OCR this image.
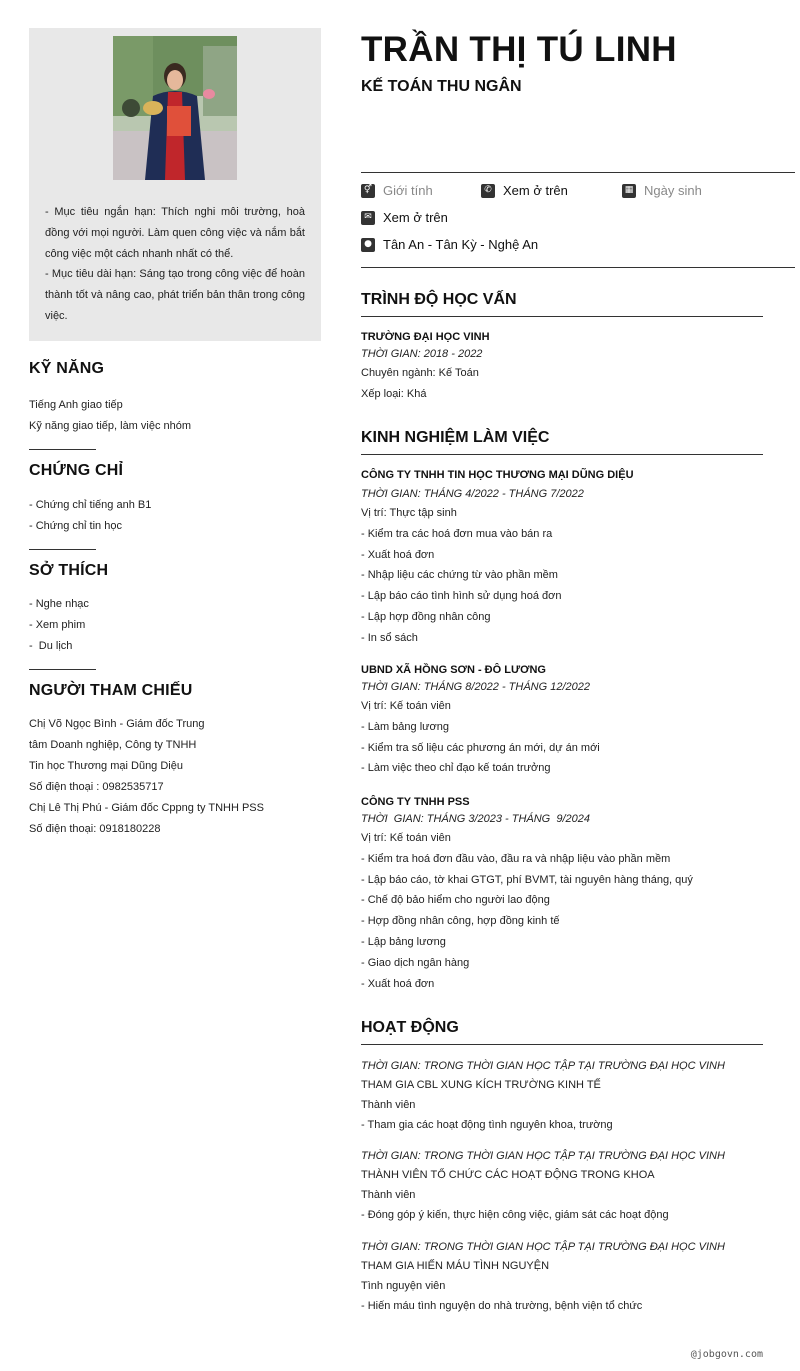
- Mục tiêu ngắn hạn: Thích nghi môi trường, hoà đồng với mọi người. Làm quen công việc và nắm bắt công việc một cách nhanh nhất có thể.

- Mục tiêu dài hạn: Sáng tạo trong công việc để hoàn thành tốt và nâng cao, phát triển bản thân trong công việc.

KỸ NĂNG
Tiếng Anh giao tiếp
Kỹ năng giao tiếp, làm việc nhóm
CHỨNG CHỈ
- Chứng chỉ tiếng anh B1
- Chứng chỉ tin học
SỞ THÍCH
- Nghe nhạc
- Xem phim
-  Du lịch
NGƯỜI THAM CHIẾU
Chị Võ Ngọc Bình - Giám đốc Trung
tâm Doanh nghiệp, Công ty TNHH
Tin học Thương mại Dũng Diệu
Số điện thoại : 0982535717
Chị Lê Thị Phú - Giám đốc Cppng ty TNHH PSS
Số điện thoại: 0918180228
TRẦN THỊ TÚ LINH
KẾ TOÁN THU NGÂN
⚥ Giới tính	✆ Xem ở trên	▦ Ngày sinh
✉ Xem ở trên
● Tân An - Tân Kỳ - Nghệ An
TRÌNH ĐỘ HỌC VẤN
TRƯỜNG ĐẠI HỌC VINH
THỜI GIAN: 2018 - 2022
Chuyên ngành: Kế Toán
Xếp loại: Khá
KINH NGHIỆM LÀM VIỆC
CÔNG TY TNHH TIN HỌC THƯƠNG MẠI DŨNG DIỆU
THỜI GIAN: THÁNG 4/2022 - THÁNG 7/2022
Vị trí: Thực tập sinh
- Kiểm tra các hoá đơn mua vào bán ra
- Xuất hoá đơn
- Nhập liệu các chứng từ vào phần mềm
- Lập báo cáo tình hình sử dụng hoá đơn
- Lập hợp đồng nhân công
- In sổ sách
UBND XÃ HỒNG SƠN - ĐÔ LƯƠNG
THỜI GIAN: THÁNG 8/2022 - THÁNG 12/2022
Vị trí: Kế toán viên
- Làm bảng lương
- Kiểm tra số liệu các phương án mới, dự án mới
- Làm việc theo chỉ đạo kế toán trưởng
CÔNG TY TNHH PSS
THỜI  GIAN: THÁNG 3/2023 - THÁNG  9/2024
Vị trí: Kế toán viên
- Kiểm tra hoá đơn đầu vào, đầu ra và nhập liệu vào phần mềm
- Lập báo cáo, tờ khai GTGT, phí BVMT, tài nguyên hàng tháng, quý
- Chế độ bảo hiểm cho người lao động
- Hợp đồng nhân công, hợp đồng kinh tế
- Lập bảng lương
- Giao dịch ngân hàng
- Xuất hoá đơn
HOẠT ĐỘNG
THỜI GIAN: TRONG THỜI GIAN HỌC TẬP TẠI TRƯỜNG ĐẠI HỌC VINH
THAM GIA CBL XUNG KÍCH TRƯỜNG KINH TẾ
Thành viên
- Tham gia các hoạt động tình nguyên khoa, trường
THỜI GIAN: TRONG THỜI GIAN HỌC TẬP TẠI TRƯỜNG ĐẠI HỌC VINH
THÀNH VIÊN TỔ CHỨC CÁC HOẠT ĐỘNG TRONG KHOA
Thành viên
- Đóng góp ý kiến, thực hiện công việc, giám sát các hoạt động
THỜI GIAN: TRONG THỜI GIAN HỌC TẬP TẠI TRƯỜNG ĐẠI HỌC VINH
THAM GIA HIẾN MÁU TÌNH NGUYỆN
Tình nguyện viên
- Hiến máu tình nguyện do nhà trường, bệnh viện tổ chức
@jobgovn.com
